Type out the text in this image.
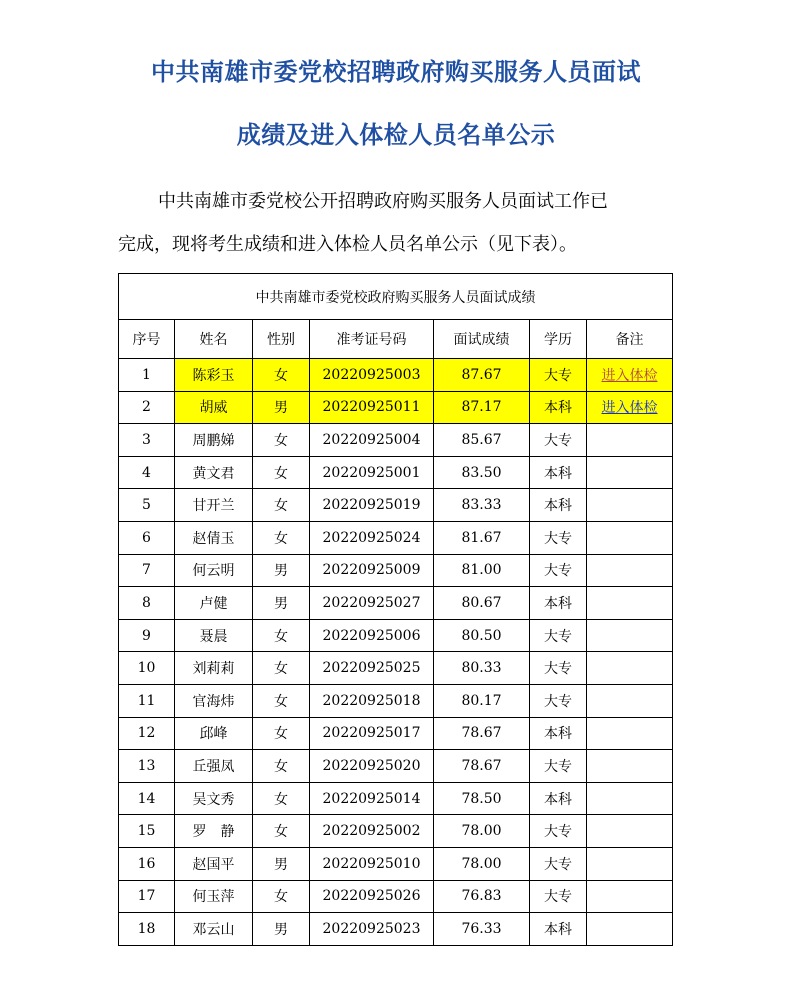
中共南雄市委党校招聘政府购买服务人员面试
成绩及进入体检人员名单公示
中共南雄市委党校公开招聘政府购买服务人员面试工作已
完成，现将考生成绩和进入体检人员名单公示（见下表）。
中共南雄市委党校政府购买服务人员面试成绩						
序号	姓名	性别	准考证号码	面试成绩	学历	备注
1	陈彩玉	女	20220925003	87.67	大专	进入体检
2	胡威	男	20220925011	87.17	本科	进入体检
3	周鹏娣	女	20220925004	85.67	大专	
4	黄文君	女	20220925001	83.50	本科	
5	甘开兰	女	20220925019	83.33	本科	
6	赵倩玉	女	20220925024	81.67	大专	
7	何云明	男	20220925009	81.00	大专	
8	卢健	男	20220925027	80.67	本科	
9	聂晨	女	20220925006	80.50	大专	
10	刘莉莉	女	20220925025	80.33	大专	
11	官海炜	女	20220925018	80.17	大专	
12	邱峰	女	20220925017	78.67	本科	
13	丘强凤	女	20220925020	78.67	大专	
14	吴文秀	女	20220925014	78.50	本科	
15	罗　静	女	20220925002	78.00	大专	
16	赵国平	男	20220925010	78.00	大专	
17	何玉萍	女	20220925026	76.83	大专	
18	邓云山	男	20220925023	76.33	本科	
